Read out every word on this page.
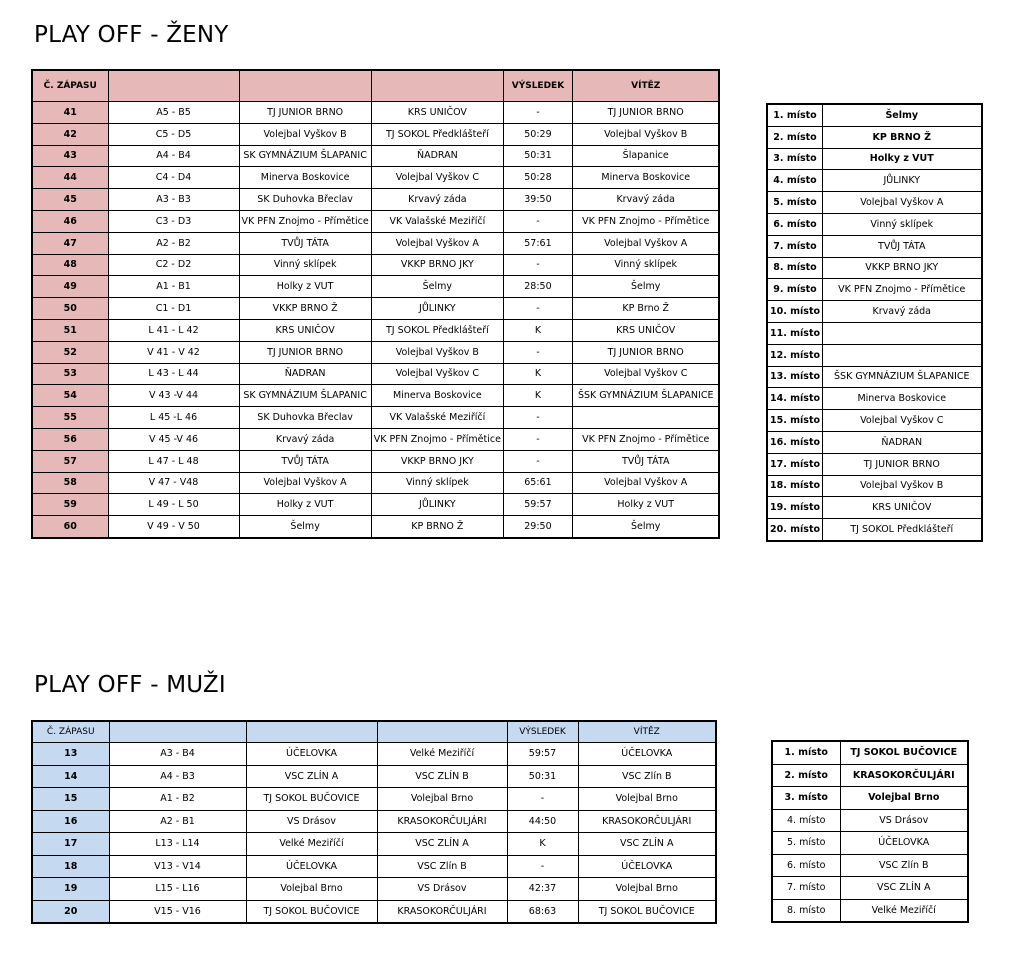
PLAY OFF - ŽENY
Č. ZÁPASU				VÝSLEDEK	VÍTĚZ
41	A5 - B5	TJ JUNIOR BRNO	KRS UNIČOV	-	TJ JUNIOR BRNO
42	C5 - D5	Volejbal Vyškov B	TJ SOKOL Předklášteří	50:29	Volejbal Vyškov B
43	A4 - B4	SK GYMNÁZIUM ŠLAPANIC	ŇADRAN	50:31	Šlapanice
44	C4 - D4	Minerva Boskovice	Volejbal Vyškov C	50:28	Minerva Boskovice
45	A3 - B3	SK Duhovka Břeclav	Krvavý záda	39:50	Krvavý záda
46	C3 - D3	VK PFN Znojmo - Přímětice	VK Valašské Meziříčí	-	VK PFN Znojmo - Přímětice
47	A2 - B2	TVŮJ TÁTA	Volejbal Vyškov A	57:61	Volejbal Vyškov A
48	C2 - D2	Vinný sklípek	VKKP BRNO JKY	-	Vinný sklípek
49	A1 - B1	Holky z VUT	Šelmy	28:50	Šelmy
50	C1 - D1	VKKP BRNO Ž	JŮLINKY	-	KP Brno Ž
51	L 41 - L 42	KRS UNIČOV	TJ SOKOL Předklášteří	K	KRS UNIČOV
52	V 41 - V 42	TJ JUNIOR BRNO	Volejbal Vyškov B	-	TJ JUNIOR BRNO
53	L 43 - L 44	ŇADRAN	Volejbal Vyškov C	K	Volejbal Vyškov C
54	V 43 -V 44	SK GYMNÁZIUM ŠLAPANIC	Minerva Boskovice	K	ŠSK GYMNÁZIUM ŠLAPANICE
55	L 45 -L 46	SK Duhovka Břeclav	VK Valašské Meziříčí	-	
56	V 45 -V 46	Krvavý záda	VK PFN Znojmo - Přímětice	-	VK PFN Znojmo - Přímětice
57	L 47 - L 48	TVŮJ TÁTA	VKKP BRNO JKY	-	TVŮJ TÁTA
58	V 47 - V48	Volejbal Vyškov A	Vinný sklípek	65:61	Volejbal Vyškov A
59	L 49 - L 50	Holky z VUT	JŮLINKY	59:57	Holky z VUT
60	V 49 - V 50	Šelmy	KP BRNO Ž	29:50	Šelmy
1. místo	Šelmy
2. místo	KP BRNO Ž
3. místo	Holky z VUT
4. místo	JŮLINKY
5. místo	Volejbal Vyškov A
6. místo	Vinný sklípek
7. místo	TVŮJ TÁTA
8. místo	VKKP BRNO JKY
9. místo	VK PFN Znojmo - Přímětice
10. místo	Krvavý záda
11. místo	
12. místo	
13. místo	ŠSK GYMNÁZIUM ŠLAPANICE
14. místo	Minerva Boskovice
15. místo	Volejbal Vyškov C
16. místo	ŇADRAN
17. místo	TJ JUNIOR BRNO
18. místo	Volejbal Vyškov B
19. místo	KRS UNIČOV
20. místo	TJ SOKOL Předklášteří
PLAY OFF - MUŽI
Č. ZÁPASU				VÝSLEDEK	VÍTĚZ
13	A3 - B4	ÚČELOVKA	Velké Meziříčí	59:57	ÚČELOVKA
14	A4 - B3	VSC ZLÍN A	VSC ZLÍN B	50:31	VSC Zlín B
15	A1 - B2	TJ SOKOL BUČOVICE	Volejbal Brno	-	Volejbal Brno
16	A2 - B1	VS Drásov	KRASOKORČULJÁRI	44:50	KRASOKORČULJÁRI
17	L13 - L14	Velké Meziříčí	VSC ZLÍN A	K	VSC ZLÍN A
18	V13 - V14	ÚČELOVKA	VSC Zlín B	-	ÚČELOVKA
19	L15 - L16	Volejbal Brno	VS Drásov	42:37	Volejbal Brno
20	V15 - V16	TJ SOKOL BUČOVICE	KRASOKORČULJÁRI	68:63	TJ SOKOL BUČOVICE
1. místo	TJ SOKOL BUČOVICE
2. místo	KRASOKORČULJÁRI
3. místo	Volejbal Brno
4. místo	VS Drásov
5. místo	ÚČELOVKA
6. místo	VSC Zlín B
7. místo	VSC ZLÍN A
8. místo	Velké Meziříčí
